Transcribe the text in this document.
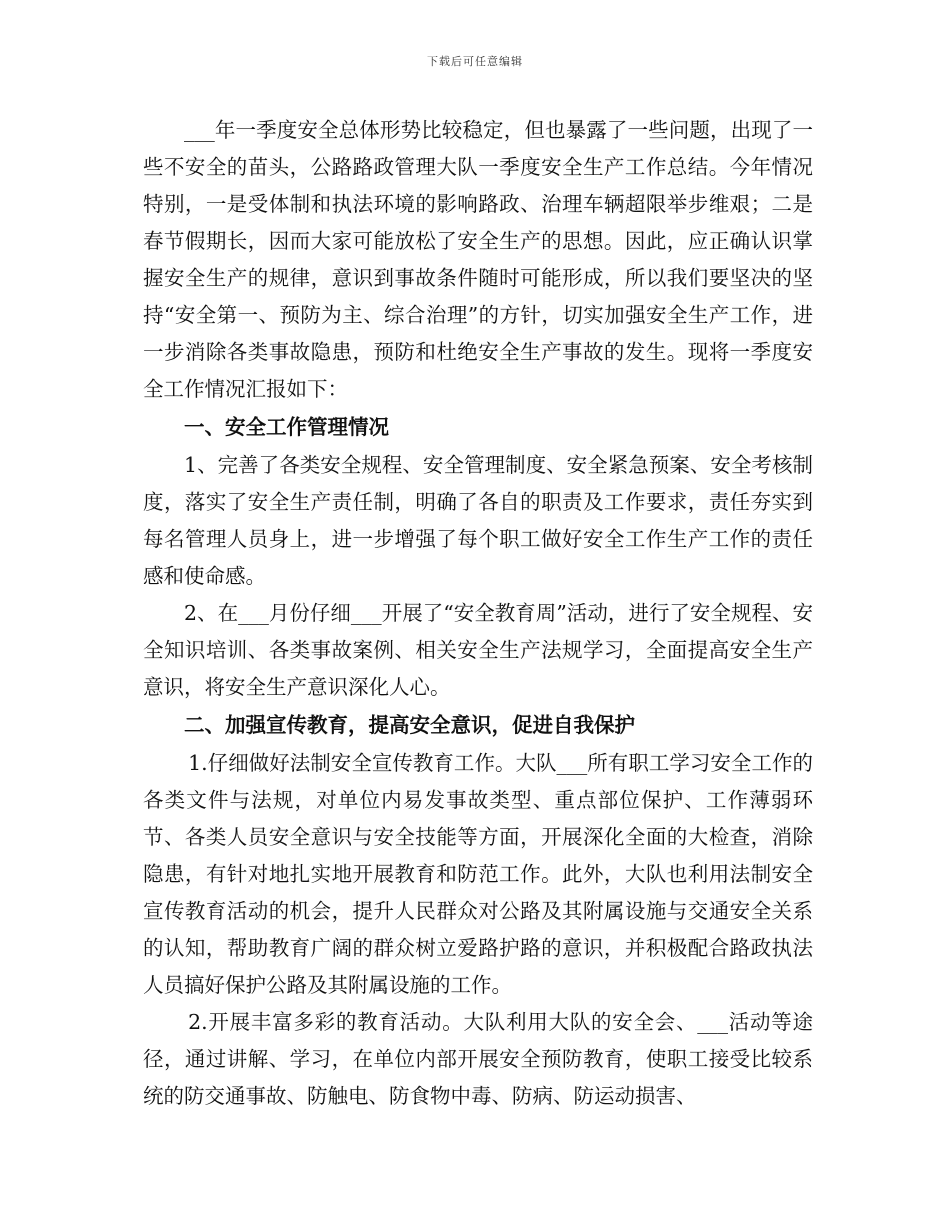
下载后可任意编辑

___年一季度安全总体形势比较稳定，但也暴露了一些问题，出现了一些不安全的苗头，公路路政管理大队一季度安全生产工作总结。今年情况特别，一是受体制和执法环境的影响路政、治理车辆超限举步维艰；二是春节假期长，因而大家可能放松了安全生产的思想。因此，应正确认识掌握安全生产的规律，意识到事故条件随时可能形成，所以我们要坚决的坚持“安全第一、预防为主、综合治理”的方针，切实加强安全生产工作，进一步消除各类事故隐患，预防和杜绝安全生产事故的发生。现将一季度安全工作情况汇报如下：

一、安全工作管理情况

1、完善了各类安全规程、安全管理制度、安全紧急预案、安全考核制度，落实了安全生产责任制，明确了各自的职责及工作要求，责任夯实到每名管理人员身上，进一步增强了每个职工做好安全工作生产工作的责任感和使命感。

2、在___月份仔细___开展了“安全教育周”活动，进行了安全规程、安全知识培训、各类事故案例、相关安全生产法规学习，全面提高安全生产意识，将安全生产意识深化人心。

二、加强宣传教育，提高安全意识，促进自我保护

1.仔细做好法制安全宣传教育工作。大队___所有职工学习安全工作的各类文件与法规，对单位内易发事故类型、重点部位保护、工作薄弱环节、各类人员安全意识与安全技能等方面，开展深化全面的大检查，消除隐患，有针对地扎实地开展教育和防范工作。此外，大队也利用法制安全宣传教育活动的机会，提升人民群众对公路及其附属设施与交通安全关系的认知，帮助教育广阔的群众树立爱路护路的意识，并积极配合路政执法人员搞好保护公路及其附属设施的工作。

2.开展丰富多彩的教育活动。大队利用大队的安全会、___活动等途径，通过讲解、学习，在单位内部开展安全预防教育，使职工接受比较系统的防交通事故、防触电、防食物中毒、防病、防运动损害、
